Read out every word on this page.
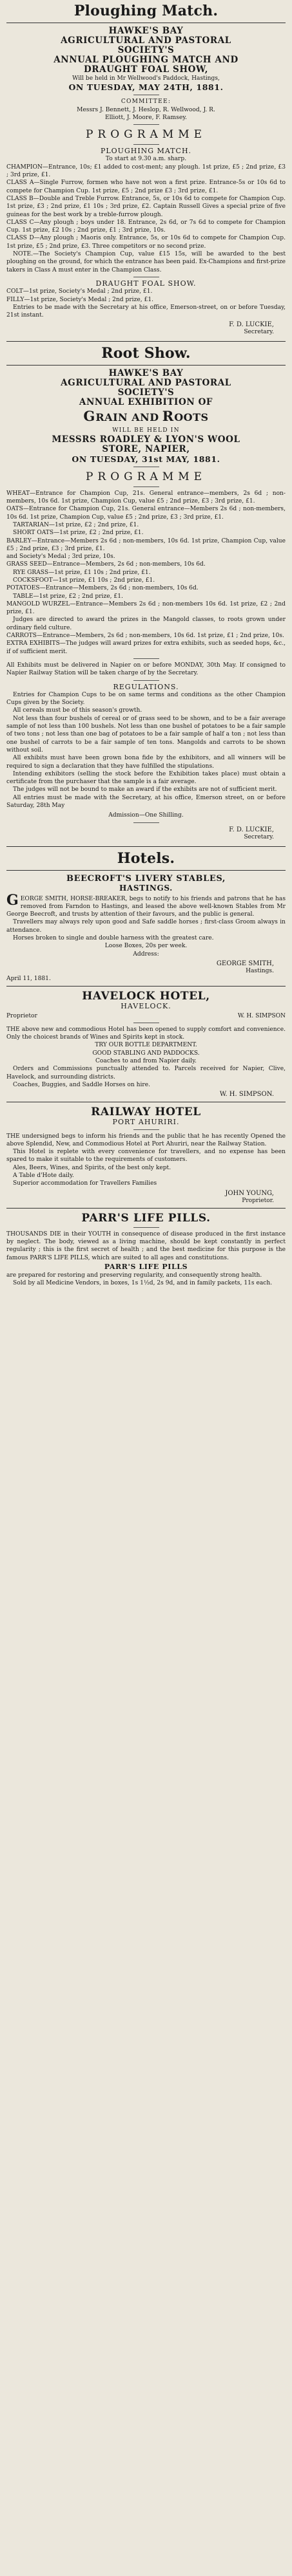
Ploughing Match.

HAWKE'S BAY

AGRICULTURAL AND PASTORAL

SOCIETY'S

ANNUAL PLOUGHING MATCH AND

DRAUGHT FOAL SHOW,

Will be held in Mr Wellwood's Paddock, Hastings,

ON TUESDAY, MAY 24TH, 1881.

COMMITTEE:

Messrs J. Bennett, J. Heslop, R. Wellwood, J. R.

Elliott, J. Moore, F. Ramsey.

PROGRAMME

PLOUGHING MATCH.

To start at 9.30 a.m. sharp.

CHAMPION—Entrance, 10s; £1 added to cost-ment; any plough. 1st prize, £5 ; 2nd prize, £3 ; 3rd prize, £1.

CLASS A—Single Furrow, formen who have not won a first prize. Entrance-5s or 10s 6d to compete for Champion Cup. 1st prize, £5 ; 2nd prize £3 ; 3rd prize, £1.

CLASS B—Double and Treble Furrow. Entrance, 5s, or 10s 6d to compete for Champion Cup. 1st prize, £3 ; 2nd prize, £1 10s ; 3rd prize, £2. Captain Russell Gives a special prize of five guineas for the best work by a treble-furrow plough.

CLASS C—Any plough ; boys under 18. Entrance, 2s 6d, or 7s 6d to compete for Champion Cup. 1st prize, £2 10s ; 2nd prize, £1 ; 3rd prize, 10s.

CLASS D—Any plough ; Maoris only. Entrance, 5s, or 10s 6d to compete for Champion Cup. 1st prize, £5 ; 2nd prize, £3. Three competitors or no second prize.

NOTE.—The Society's Champion Cup, value £15 15s, will be awarded to the best ploughing on the ground, for which the entrance has been paid. Ex-Champions and first-prize takers in Class A must enter in the Champion Class.

DRAUGHT FOAL SHOW.

COLT—1st prize, Society's Medal ; 2nd prize, £1.

FILLY—1st prize, Society's Medal ; 2nd prize, £1.

Entries to be made with the Secretary at his office, Emerson-street, on or before Tuesday, 21st instant.

F. D. LUCKIE,

Secretary.

Root Show.

HAWKE'S BAY

AGRICULTURAL AND PASTORAL

SOCIETY'S

ANNUAL EXHIBITION OF

GRAIN AND ROOTS

WILL BE HELD IN

MESSRS ROADLEY & LYON'S WOOL

STORE, NAPIER,

ON TUESDAY, 31st MAY, 1881.

PROGRAMME

WHEAT—Entrance for Champion Cup, 21s. General entrance—members, 2s 6d ; non-members, 10s 6d. 1st prize, Champion Cup, value £5 ; 2nd prize, £3 ; 3rd prize, £1.

OATS—Entrance for Champion Cup, 21s. General entrance—Members 2s 6d ; non-members, 10s 6d. 1st prize, Champion Cup, value £5 ; 2nd prize, £3 ; 3rd prize, £1.

TARTARIAN—1st prize, £2 ; 2nd prize, £1.

SHORT OATS—1st prize, £2 ; 2nd prize, £1.

BARLEY—Entrance—Members 2s 6d ; non-members, 10s 6d. 1st prize, Champion Cup, value £5 ; 2nd prize, £3 ; 3rd prize, £1.

and Society's Medal ; 3rd prize, 10s.

GRASS SEED—Entrance—Members, 2s 6d ; non-members, 10s 6d.

RYE GRASS—1st prize, £1 10s ; 2nd prize, £1.

COCKSFOOT—1st prize, £1 10s ; 2nd prize, £1.

POTATOES—Entrance—Members, 2s 6d ; non-members, 10s 6d.

TABLE—1st prize, £2 ; 2nd prize, £1.

MANGOLD WURZEL—Entrance—Members 2s 6d ; non-members 10s 6d. 1st prize, £2 ; 2nd prize, £1.

Judges are directed to award the prizes in the Mangold classes, to roots grown under ordinary field culture.

CARROTS—Entrance—Members, 2s 6d ; non-members, 10s 6d. 1st prize, £1 ; 2nd prize, 10s.

EXTRA EXHIBITS—The judges will award prizes for extra exhibits, such as seeded hops, &c., if of sufficient merit.

All Exhibits must be delivered in Napier on or before MONDAY, 30th May. If consigned to Napier Railway Station will be taken charge of by the Secretary.

REGULATIONS.

Entries for Champion Cups to be on same terms and conditions as the other Champion Cups given by the Society.

All cereals must be of this season's growth.

Not less than four bushels of cereal or of grass seed to be shown, and to be a fair average sample of not less than 100 bushels. Not less than one bushel of potatoes to be a fair sample of two tons ; not less than one bag of potatoes to be a fair sample of half a ton ; not less than one bushel of carrots to be a fair sample of ten tons. Mangolds and carrots to be shown without soil.

All exhibits must have been grown bona fide by the exhibitors, and all winners will be required to sign a declaration that they have fulfilled the stipulations.

Intending exhibitors (selling the stock before the Exhibition takes place) must obtain a certificate from the purchaser that the sample is a fair average.

The judges will not be bound to make an award if the exhibits are not of sufficient merit.

All entries must be made with the Secretary, at his office, Emerson street, on or before Saturday, 28th May

Admission—One Shilling.

F. D. LUCKIE,

Secretary.

Hotels.

BEECROFT'S LIVERY STABLES,

HASTINGS.

GEORGE SMITH, HORSE-BREAKER, begs to notify to his friends and patrons that he has removed from Farndon to Hastings, and leased the above well-known Stables from Mr George Beecroft, and trusts by attention of their favours, and the public is general.

Travellers may always rely upon good and Safe saddle horses ; first-class Groom always in attendance.

Horses broken to single and double harness with the greatest care.

Loose Boxes, 20s per week.

Address:

GEORGE SMITH,

Hastings.

April 11, 1881.

HAVELOCK HOTEL,

HAVELOCK.

Proprietor	W. H. SIMPSON

THE above new and commodious Hotel has been opened to supply comfort and convenience. Only the choicest brands of Wines and Spirits kept in stock.

TRY OUR BOTTLE DEPARTMENT.

GOOD STABLING AND PADDOCKS.

Coaches to and from Napier daily.

Orders and Commissions punctually attended to. Parcels received for Napier, Clive, Havelock, and surrounding districts.

Coaches, Buggies, and Saddle Horses on hire.

W. H. SIMPSON.

RAILWAY HOTEL

PORT AHURIRI.

THE undersigned begs to inform his friends and the public that he has recently Opened the above Splendid, New, and Commodious Hotel at Port Ahuriri, near the Railway Station.

This Hotel is replete with every convenience for travellers, and no expense has been spared to make it suitable to the requirements of customers.

Ales, Beers, Wines, and Spirits, of the best only kept.

A Table d'Hote daily.

Superior accommodation for Travellers Families

JOHN YOUNG,

Proprietor.

PARR'S LIFE PILLS.

THOUSANDS DIE in their YOUTH in consequence of disease produced in the first instance by neglect. The body, viewed as a living machine, should be kept constantly in perfect regularity ; this is the first secret of health ; and the best medicine for this purpose is the famous PARR'S LIFE PILLS, which are suited to all ages and constitutions.

PARR'S LIFE PILLS

are prepared for restoring and preserving regularity, and consequently strong health.

Sold by all Medicine Vendors, in boxes, 1s 1½d, 2s 9d, and in family packets, 11s each.
